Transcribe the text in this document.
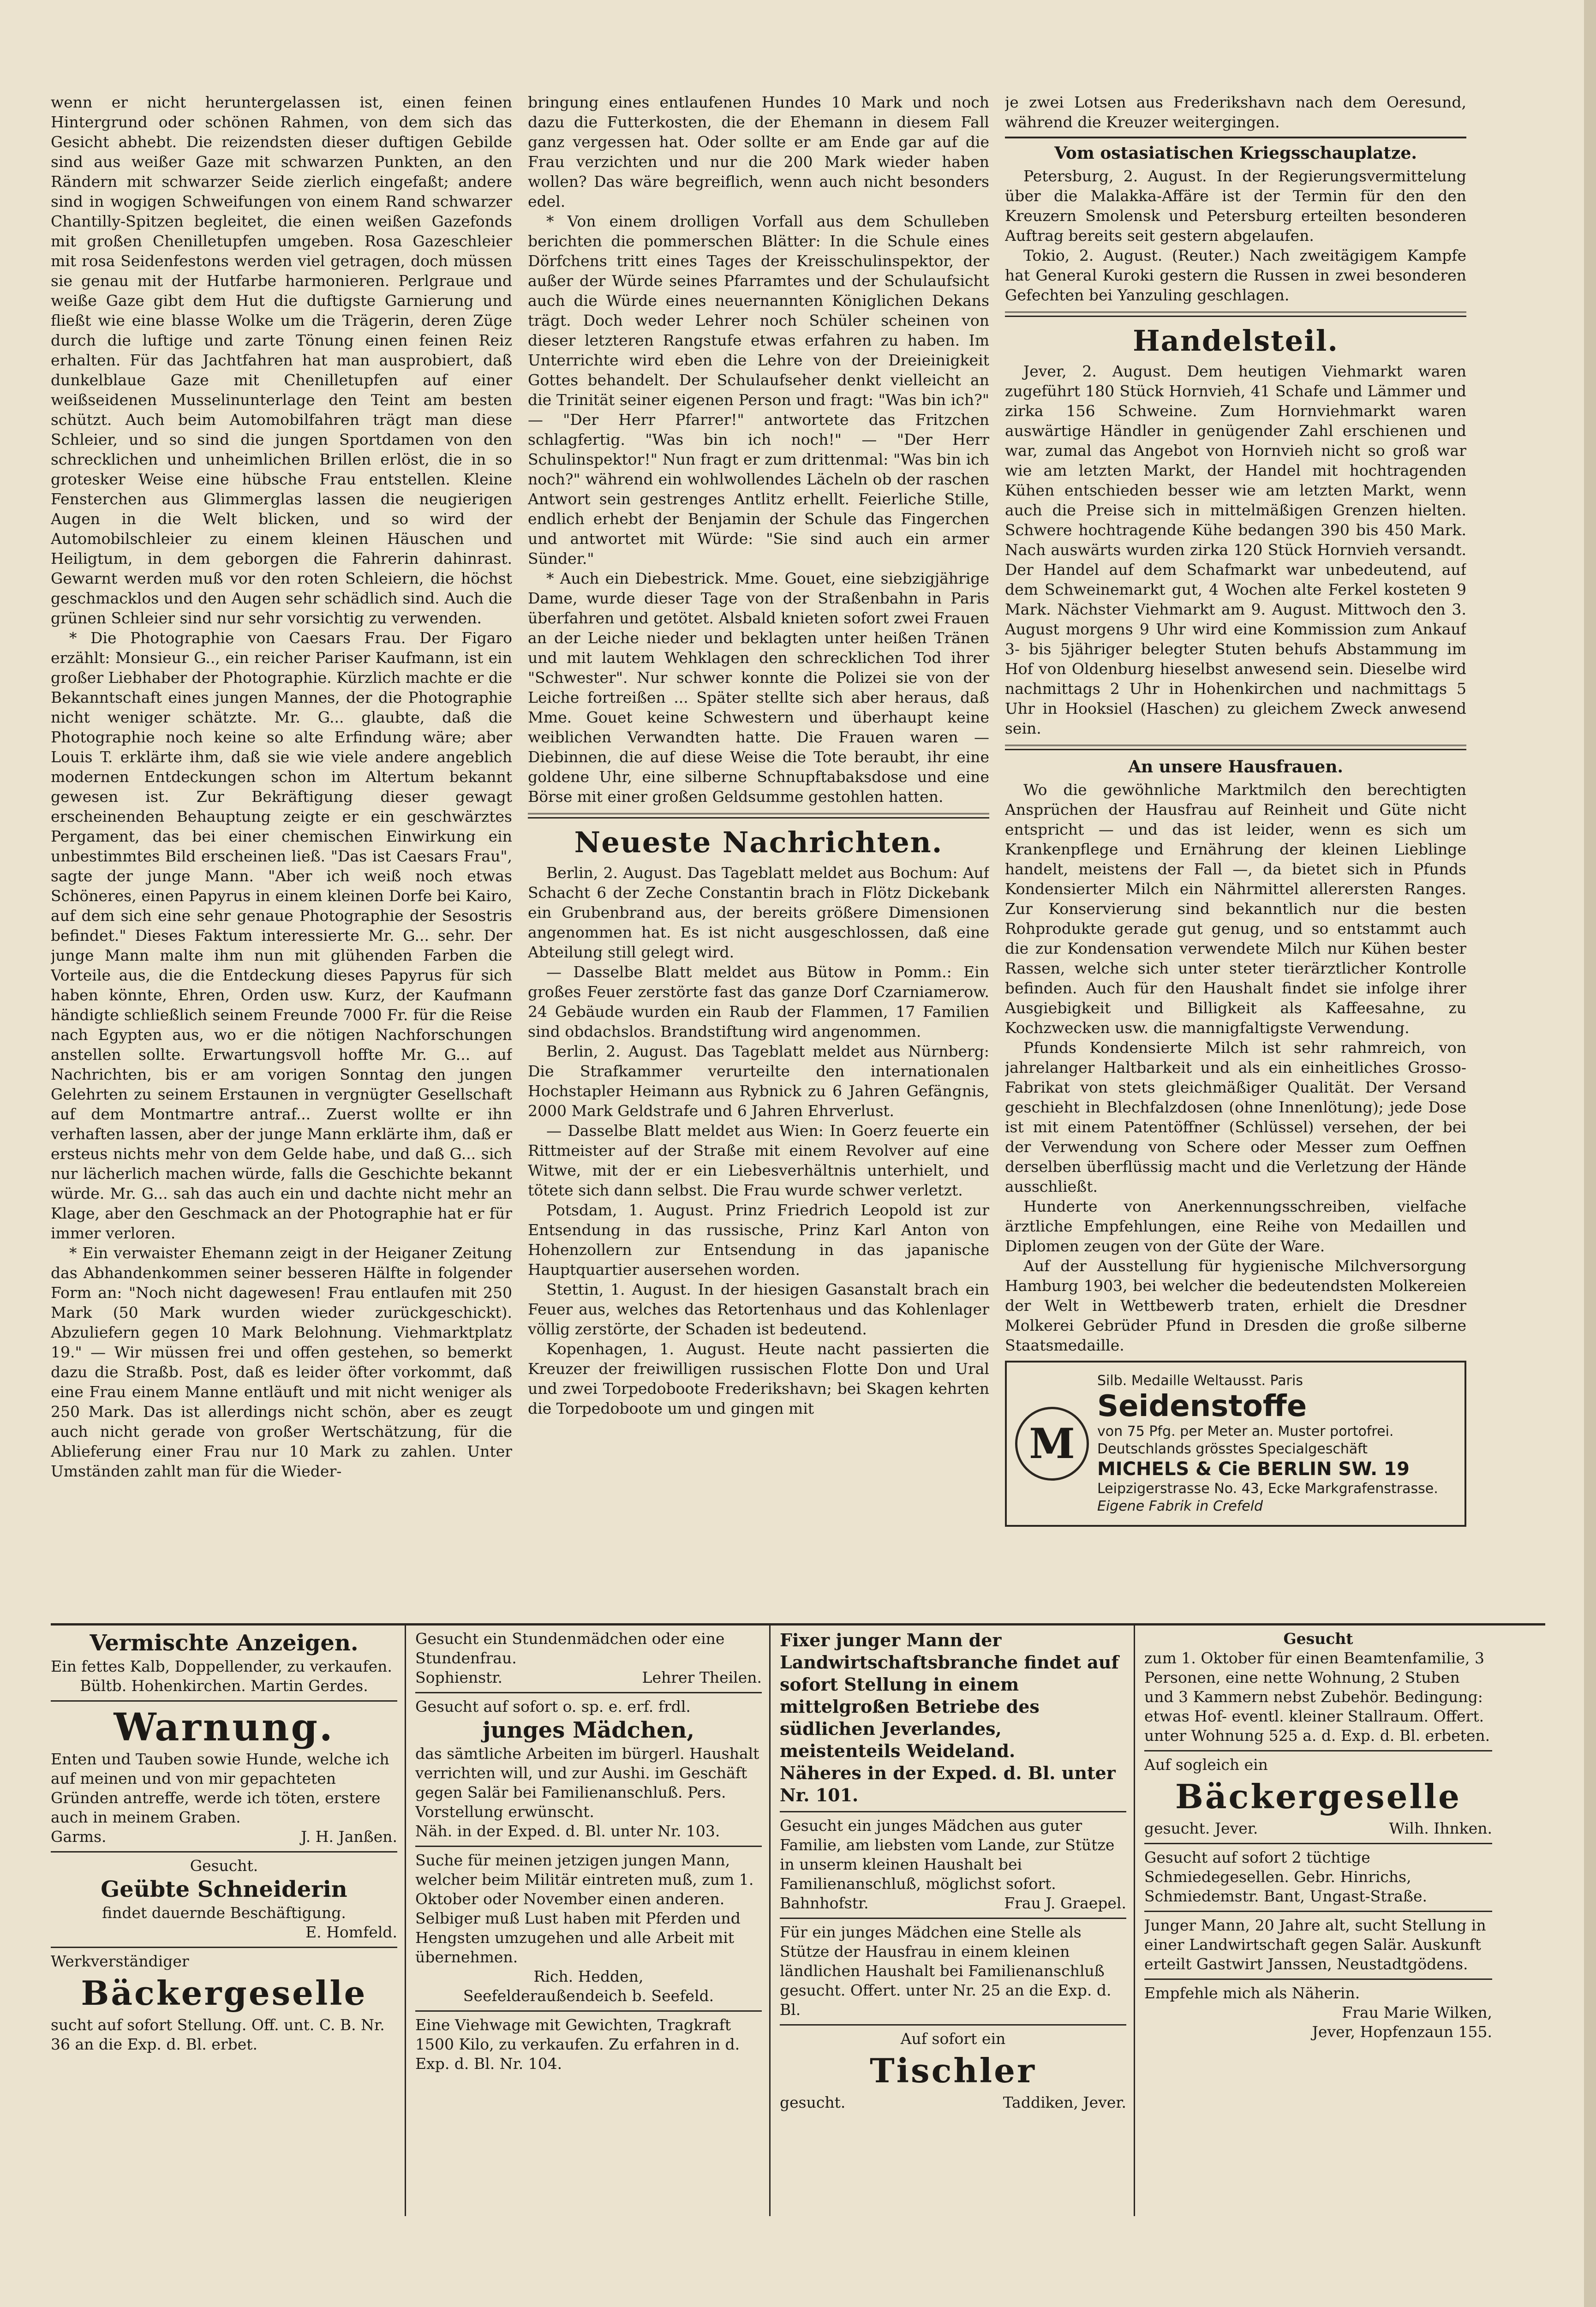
wenn er nicht heruntergelassen ist, einen feinen Hintergrund oder schönen Rahmen, von dem sich das Gesicht abhebt. Die reizendsten dieser duftigen Gebilde sind aus weißer Gaze mit schwarzen Punkten, an den Rändern mit schwarzer Seide zierlich eingefaßt; andere sind in wogigen Schweifungen von einem Rand schwarzer Chantilly-Spitzen begleitet, die einen weißen Gazefonds mit großen Chenilletupfen umgeben. Rosa Gazeschleier mit rosa Seidenfestons werden viel getragen, doch müssen sie genau mit der Hutfarbe harmonieren. Perlgraue und weiße Gaze gibt dem Hut die duftigste Garnierung und fließt wie eine blasse Wolke um die Trägerin, deren Züge durch die luftige und zarte Tönung einen feinen Reiz erhalten. Für das Jachtfahren hat man ausprobiert, daß dunkelblaue Gaze mit Chenilletupfen auf einer weißseidenen Musselinunterlage den Teint am besten schützt. Auch beim Automobilfahren trägt man diese Schleier, und so sind die jungen Sportdamen von den schrecklichen und unheimlichen Brillen erlöst, die in so grotesker Weise eine hübsche Frau entstellen. Kleine Fensterchen aus Glimmerglas lassen die neugierigen Augen in die Welt blicken, und so wird der Automobilschleier zu einem kleinen Häuschen und Heiligtum, in dem geborgen die Fahrerin dahinrast. Gewarnt werden muß vor den roten Schleiern, die höchst geschmacklos und den Augen sehr schädlich sind. Auch die grünen Schleier sind nur sehr vorsichtig zu verwenden.

* Die Photographie von Caesars Frau. Der Figaro erzählt: Monsieur G.., ein reicher Pariser Kaufmann, ist ein großer Liebhaber der Photographie. Kürzlich machte er die Bekanntschaft eines jungen Mannes, der die Photographie nicht weniger schätzte. Mr. G... glaubte, daß die Photographie noch keine so alte Erfindung wäre; aber Louis T. erklärte ihm, daß sie wie viele andere angeblich modernen Entdeckungen schon im Altertum bekannt gewesen ist. Zur Bekräftigung dieser gewagt erscheinenden Behauptung zeigte er ein geschwärztes Pergament, das bei einer chemischen Einwirkung ein unbestimmtes Bild erscheinen ließ. "Das ist Caesars Frau", sagte der junge Mann. "Aber ich weiß noch etwas Schöneres, einen Papyrus in einem kleinen Dorfe bei Kairo, auf dem sich eine sehr genaue Photographie der Sesostris befindet." Dieses Faktum interessierte Mr. G... sehr. Der junge Mann malte ihm nun mit glühenden Farben die Vorteile aus, die die Entdeckung dieses Papyrus für sich haben könnte, Ehren, Orden usw. Kurz, der Kaufmann händigte schließlich seinem Freunde 7000 Fr. für die Reise nach Egypten aus, wo er die nötigen Nachforschungen anstellen sollte. Erwartungsvoll hoffte Mr. G... auf Nachrichten, bis er am vorigen Sonntag den jungen Gelehrten zu seinem Erstaunen in vergnügter Gesellschaft auf dem Montmartre antraf... Zuerst wollte er ihn verhaften lassen, aber der junge Mann erklärte ihm, daß er ersteus nichts mehr von dem Gelde habe, und daß G... sich nur lächerlich machen würde, falls die Geschichte bekannt würde. Mr. G... sah das auch ein und dachte nicht mehr an Klage, aber den Geschmack an der Photographie hat er für immer verloren.

* Ein verwaister Ehemann zeigt in der Heiganer Zeitung das Abhandenkommen seiner besseren Hälfte in folgender Form an: "Noch nicht dagewesen! Frau entlaufen mit 250 Mark (50 Mark wurden wieder zurückgeschickt). Abzuliefern gegen 10 Mark Belohnung. Viehmarktplatz 19." — Wir müssen frei und offen gestehen, so bemerkt dazu die Straßb. Post, daß es leider öfter vorkommt, daß eine Frau einem Manne entläuft und mit nicht weniger als 250 Mark. Das ist allerdings nicht schön, aber es zeugt auch nicht gerade von großer Wertschätzung, für die Ablieferung einer Frau nur 10 Mark zu zahlen. Unter Umständen zahlt man für die Wieder-

bringung eines entlaufenen Hundes 10 Mark und noch dazu die Futterkosten, die der Ehemann in diesem Fall ganz vergessen hat. Oder sollte er am Ende gar auf die Frau verzichten und nur die 200 Mark wieder haben wollen? Das wäre begreiflich, wenn auch nicht besonders edel.

* Von einem drolligen Vorfall aus dem Schulleben berichten die pommerschen Blätter: In die Schule eines Dörfchens tritt eines Tages der Kreisschulinspektor, der außer der Würde seines Pfarramtes und der Schulaufsicht auch die Würde eines neuernannten Königlichen Dekans trägt. Doch weder Lehrer noch Schüler scheinen von dieser letzteren Rangstufe etwas erfahren zu haben. Im Unterrichte wird eben die Lehre von der Dreieinigkeit Gottes behandelt. Der Schulaufseher denkt vielleicht an die Trinität seiner eigenen Person und fragt: "Was bin ich?" — "Der Herr Pfarrer!" antwortete das Fritzchen schlagfertig. "Was bin ich noch!" — "Der Herr Schulinspektor!" Nun fragt er zum drittenmal: "Was bin ich noch?" während ein wohlwollendes Lächeln ob der raschen Antwort sein gestrenges Antlitz erhellt. Feierliche Stille, endlich erhebt der Benjamin der Schule das Fingerchen und antwortet mit Würde: "Sie sind auch ein armer Sünder."

* Auch ein Diebestrick. Mme. Gouet, eine siebzigjährige Dame, wurde dieser Tage von der Straßenbahn in Paris überfahren und getötet. Alsbald knieten sofort zwei Frauen an der Leiche nieder und beklagten unter heißen Tränen und mit lautem Wehklagen den schrecklichen Tod ihrer "Schwester". Nur schwer konnte die Polizei sie von der Leiche fortreißen ... Später stellte sich aber heraus, daß Mme. Gouet keine Schwestern und überhaupt keine weiblichen Verwandten hatte. Die Frauen waren — Diebinnen, die auf diese Weise die Tote beraubt, ihr eine goldene Uhr, eine silberne Schnupftabaksdose und eine Börse mit einer großen Geldsumme gestohlen hatten.

Neueste Nachrichten.

Berlin, 2. August. Das Tageblatt meldet aus Bochum: Auf Schacht 6 der Zeche Constantin brach in Flötz Dickebank ein Grubenbrand aus, der bereits größere Dimensionen angenommen hat. Es ist nicht ausgeschlossen, daß eine Abteilung still gelegt wird.

— Dasselbe Blatt meldet aus Bütow in Pomm.: Ein großes Feuer zerstörte fast das ganze Dorf Czarniamerow. 24 Gebäude wurden ein Raub der Flammen, 17 Familien sind obdachslos. Brandstiftung wird angenommen.

Berlin, 2. August. Das Tageblatt meldet aus Nürnberg: Die Strafkammer verurteilte den internationalen Hochstapler Heimann aus Rybnick zu 6 Jahren Gefängnis, 2000 Mark Geldstrafe und 6 Jahren Ehrverlust.

— Dasselbe Blatt meldet aus Wien: In Goerz feuerte ein Rittmeister auf der Straße mit einem Revolver auf eine Witwe, mit der er ein Liebesverhältnis unterhielt, und tötete sich dann selbst. Die Frau wurde schwer verletzt.

Potsdam, 1. August. Prinz Friedrich Leopold ist zur Entsendung in das russische, Prinz Karl Anton von Hohenzollern zur Entsendung in das japanische Hauptquartier ausersehen worden.

Stettin, 1. August. In der hiesigen Gasanstalt brach ein Feuer aus, welches das Retortenhaus und das Kohlenlager völlig zerstörte, der Schaden ist bedeutend.

Kopenhagen, 1. August. Heute nacht passierten die Kreuzer der freiwilligen russischen Flotte Don und Ural und zwei Torpedoboote Frederikshavn; bei Skagen kehrten die Torpedoboote um und gingen mit

je zwei Lotsen aus Frederikshavn nach dem Oeresund, während die Kreuzer weitergingen.

Vom ostasiatischen Kriegsschauplatze.

Petersburg, 2. August. In der Regierungsvermittelung über die Malakka-Affäre ist der Termin für den den Kreuzern Smolensk und Petersburg erteilten besonderen Auftrag bereits seit gestern abgelaufen.

Tokio, 2. August. (Reuter.) Nach zweitägigem Kampfe hat General Kuroki gestern die Russen in zwei besonderen Gefechten bei Yanzuling geschlagen.

Handelsteil.

Jever, 2. August. Dem heutigen Viehmarkt waren zugeführt 180 Stück Hornvieh, 41 Schafe und Lämmer und zirka 156 Schweine. Zum Hornviehmarkt waren auswärtige Händler in genügender Zahl erschienen und war, zumal das Angebot von Hornvieh nicht so groß war wie am letzten Markt, der Handel mit hochtragenden Kühen entschieden besser wie am letzten Markt, wenn auch die Preise sich in mittelmäßigen Grenzen hielten. Schwere hochtragende Kühe bedangen 390 bis 450 Mark. Nach auswärts wurden zirka 120 Stück Hornvieh versandt. Der Handel auf dem Schafmarkt war unbedeutend, auf dem Schweinemarkt gut, 4 Wochen alte Ferkel kosteten 9 Mark. Nächster Viehmarkt am 9. August. Mittwoch den 3. August morgens 9 Uhr wird eine Kommission zum Ankauf 3- bis 5jähriger belegter Stuten behufs Abstammung im Hof von Oldenburg hieselbst anwesend sein. Dieselbe wird nachmittags 2 Uhr in Hohenkirchen und nachmittags 5 Uhr in Hooksiel (Haschen) zu gleichem Zweck anwesend sein.

An unsere Hausfrauen.

Wo die gewöhnliche Marktmilch den berechtigten Ansprüchen der Hausfrau auf Reinheit und Güte nicht entspricht — und das ist leider, wenn es sich um Krankenpflege und Ernährung der kleinen Lieblinge handelt, meistens der Fall —, da bietet sich in Pfunds Kondensierter Milch ein Nährmittel allerersten Ranges. Zur Konservierung sind bekanntlich nur die besten Rohprodukte gerade gut genug, und so entstammt auch die zur Kondensation verwendete Milch nur Kühen bester Rassen, welche sich unter steter tierärztlicher Kontrolle befinden. Auch für den Haushalt findet sie infolge ihrer Ausgiebigkeit und Billigkeit als Kaffeesahne, zu Kochzwecken usw. die mannigfaltigste Verwendung.

Pfunds Kondensierte Milch ist sehr rahmreich, von jahrelanger Haltbarkeit und als ein einheitliches Grosso-Fabrikat von stets gleichmäßiger Qualität. Der Versand geschieht in Blechfalzdosen (ohne Innenlötung); jede Dose ist mit einem Patentöffner (Schlüssel) versehen, der bei der Verwendung von Schere oder Messer zum Oeffnen derselben überflüssig macht und die Verletzung der Hände ausschließt.

Hunderte von Anerkennungsschreiben, vielfache ärztliche Empfehlungen, eine Reihe von Medaillen und Diplomen zeugen von der Güte der Ware.

Auf der Ausstellung für hygienische Milchversorgung Hamburg 1903, bei welcher die bedeutendsten Molkereien der Welt in Wettbewerb traten, erhielt die Dresdner Molkerei Gebrüder Pfund in Dresden die große silberne Staatsmedaille.

M
Silb. Medaille Weltausst. Paris
Seidenstoffe
von 75 Pfg. per Meter an. Muster portofrei.
Deutschlands grösstes Specialgeschäft
MICHELS & Cie BERLIN SW. 19
Leipzigerstrasse No. 43, Ecke Markgrafenstrasse.
Eigene Fabrik in Crefeld
Vermischte Anzeigen.
Ein fettes Kalb, Doppellender, zu verkaufen.
Bültb. Hohenkirchen. Martin Gerdes.
Warnung.
Enten und Tauben sowie Hunde, welche ich auf meinen und von mir gepachteten Gründen antreffe, werde ich töten, erstere auch in meinem Graben.
Garms.	J. H. Janßen.
Gesucht.
Geübte Schneiderin
findet dauernde Beschäftigung.
E. Homfeld.
Werkverständiger
Bäckergeselle
sucht auf sofort Stellung. Off. unt. C. B. Nr. 36 an die Exp. d. Bl. erbet.
Gesucht ein Stundenmädchen oder eine Stundenfrau.
Sophienstr.	Lehrer Theilen.
Gesucht auf sofort o. sp. e. erf. frdl.
junges Mädchen,
das sämtliche Arbeiten im bürgerl. Haushalt verrichten will, und zur Aushi. im Geschäft gegen Salär bei Familienanschluß. Pers. Vorstellung erwünscht.
Näh. in der Exped. d. Bl. unter Nr. 103.
Suche für meinen jetzigen jungen Mann, welcher beim Militär eintreten muß, zum 1. Oktober oder November einen anderen. Selbiger muß Lust haben mit Pferden und Hengsten umzugehen und alle Arbeit mit übernehmen.
Rich. Hedden,
Seefelderaußendeich b. Seefeld.
Eine Viehwage mit Gewichten, Tragkraft 1500 Kilo, zu verkaufen. Zu erfahren in d. Exp. d. Bl. Nr. 104.
Fixer junger Mann der Landwirtschaftsbranche findet auf sofort Stellung in einem mittelgroßen Betriebe des südlichen Jeverlandes, meistenteils Weideland.
Näheres in der Exped. d. Bl. unter Nr. 101.
Gesucht ein junges Mädchen aus guter Familie, am liebsten vom Lande, zur Stütze in unserm kleinen Haushalt bei Familienanschluß, möglichst sofort.
Bahnhofstr.	Frau J. Graepel.
Für ein junges Mädchen eine Stelle als Stütze der Hausfrau in einem kleinen ländlichen Haushalt bei Familienanschluß gesucht. Offert. unter Nr. 25 an die Exp. d. Bl.
Auf sofort ein
Tischler
gesucht.	Taddiken, Jever.
Gesucht
zum 1. Oktober für einen Beamtenfamilie, 3 Personen, eine nette Wohnung, 2 Stuben und 3 Kammern nebst Zubehör. Bedingung: etwas Hof- eventl. kleiner Stallraum. Offert. unter Wohnung 525 a. d. Exp. d. Bl. erbeten.
Auf sogleich ein
Bäckergeselle
gesucht. Jever.	Wilh. Ihnken.
Gesucht auf sofort 2 tüchtige Schmiedegesellen. Gebr. Hinrichs, Schmiedemstr. Bant, Ungast-Straße.
Junger Mann, 20 Jahre alt, sucht Stellung in einer Landwirtschaft gegen Salär. Auskunft erteilt Gastwirt Janssen, Neustadtgödens.
Empfehle mich als Näherin.
Frau Marie Wilken,
Jever, Hopfenzaun 155.
